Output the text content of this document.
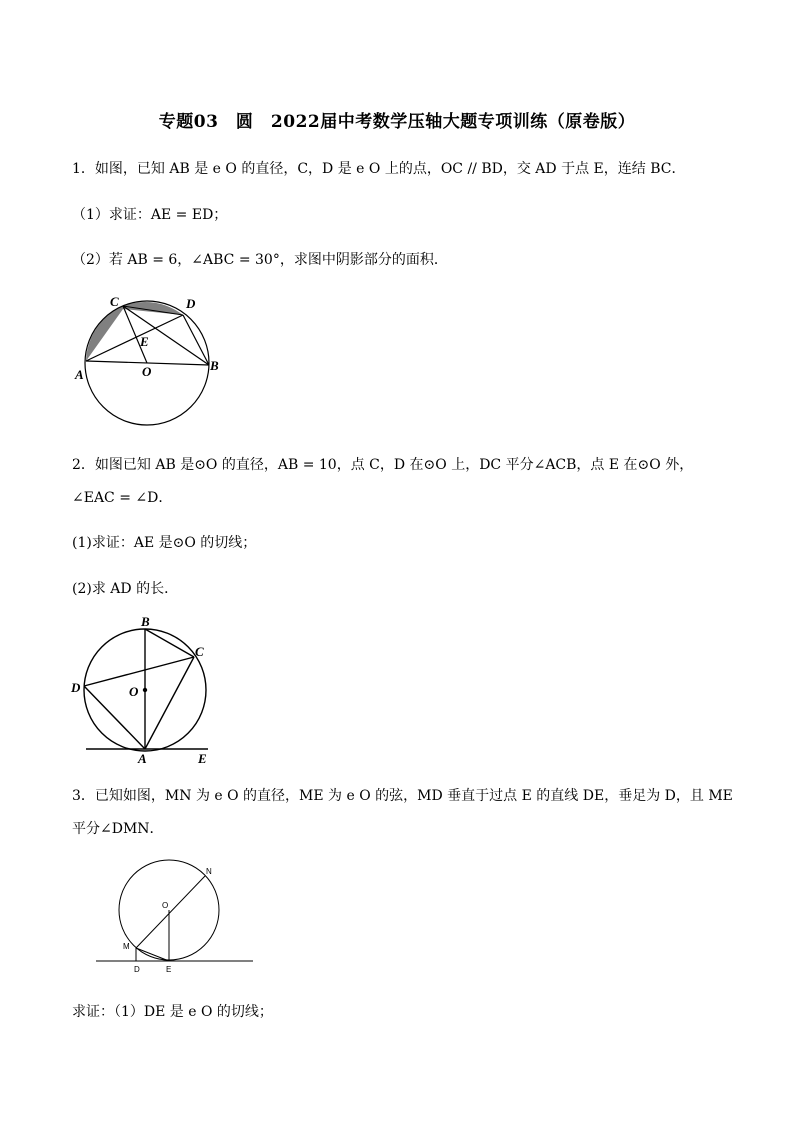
专题03　圆　2022届中考数学压轴大题专项训练（原卷版）
1．如图，已知 AB 是 e O 的直径，C，D 是 e O 上的点，OC // BD，交 AD 于点 E，连结 BC．
（1）求证：AE = ED；
（2）若 AB = 6，∠ABC = 30°，求图中阴影部分的面积．
C	D
E
A	O	B
2．如图已知 AB 是⊙O 的直径，AB = 10，点 C，D 在⊙O 上，DC 平分∠ACB，点 E 在⊙O 外，
∠EAC = ∠D．
(1)求证：AE 是⊙O 的切线；
(2)求 AD 的长．
B
C
D	O
A	E
3．已知如图，MN 为 e O 的直径，ME 为 e O 的弦，MD 垂直于过点 E 的直线 DE，垂足为 D，且 ME
平分∠DMN．
N
O
M
D	E
求证：（1）DE 是 e O 的切线；
